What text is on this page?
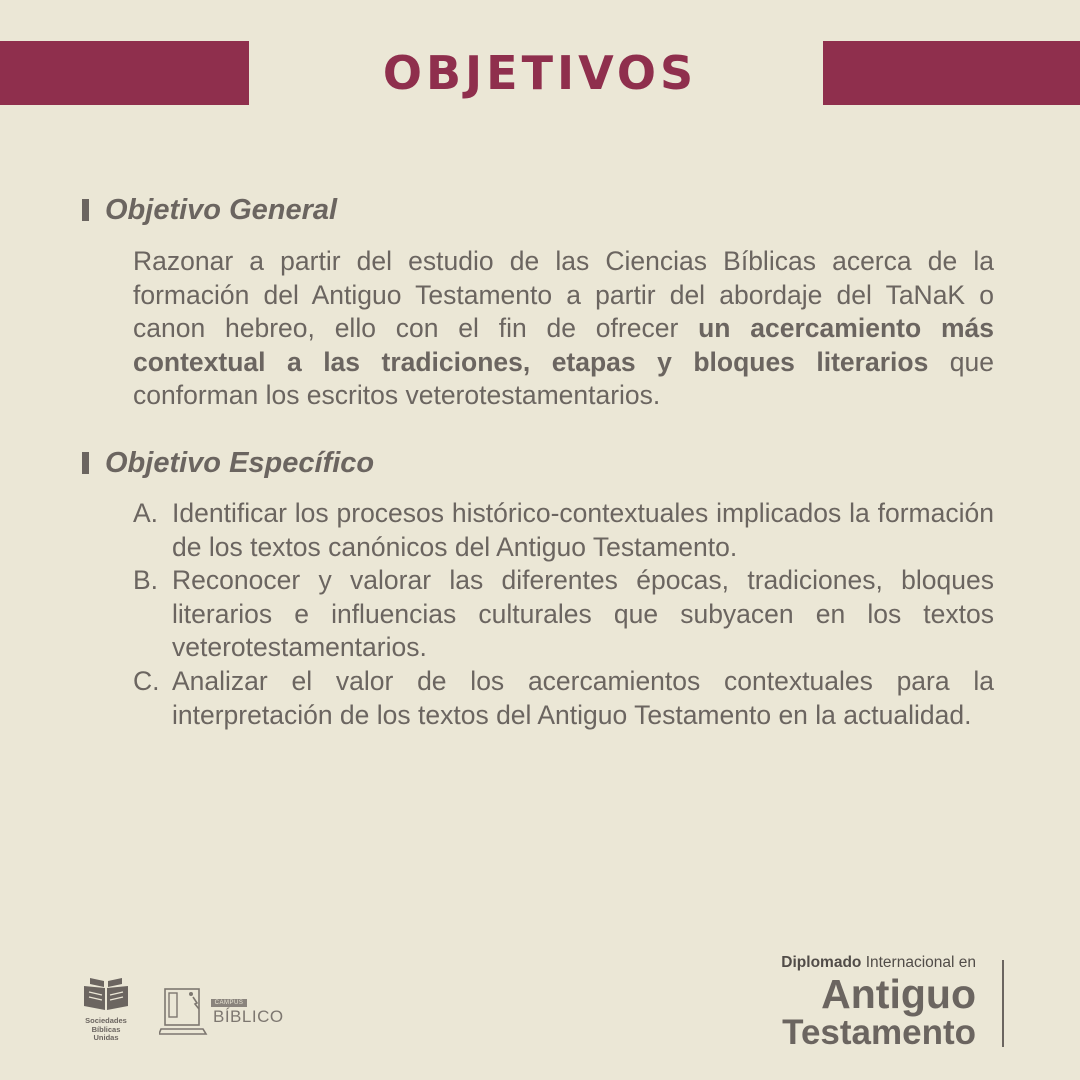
OBJETIVOS
Objetivo General
Razonar a partir del estudio de las Ciencias Bíblicas acerca de la formación del Antiguo Testamento a partir del abordaje del TaNaK o canon hebreo, ello con el fin de ofrecer un acercamiento más contextual a las tradiciones, etapas y bloques literarios que conforman los escritos veterotestamentarios.
Objetivo Específico
A. Identificar los procesos histórico-contextuales implicados la formación de los textos canónicos del Antiguo Testamento.
B. Reconocer y valorar las diferentes épocas, tradiciones, bloques literarios e influencias culturales que subyacen en los textos veterotestamentarios.
C. Analizar el valor de los acercamientos contextuales para la interpretación de los textos del Antiguo Testamento en la actualidad.
Sociedades
Bíblicas
Unidas
CAMPUS
BÍBLICO
Diplomado Internacional en
Antiguo
Testamento
